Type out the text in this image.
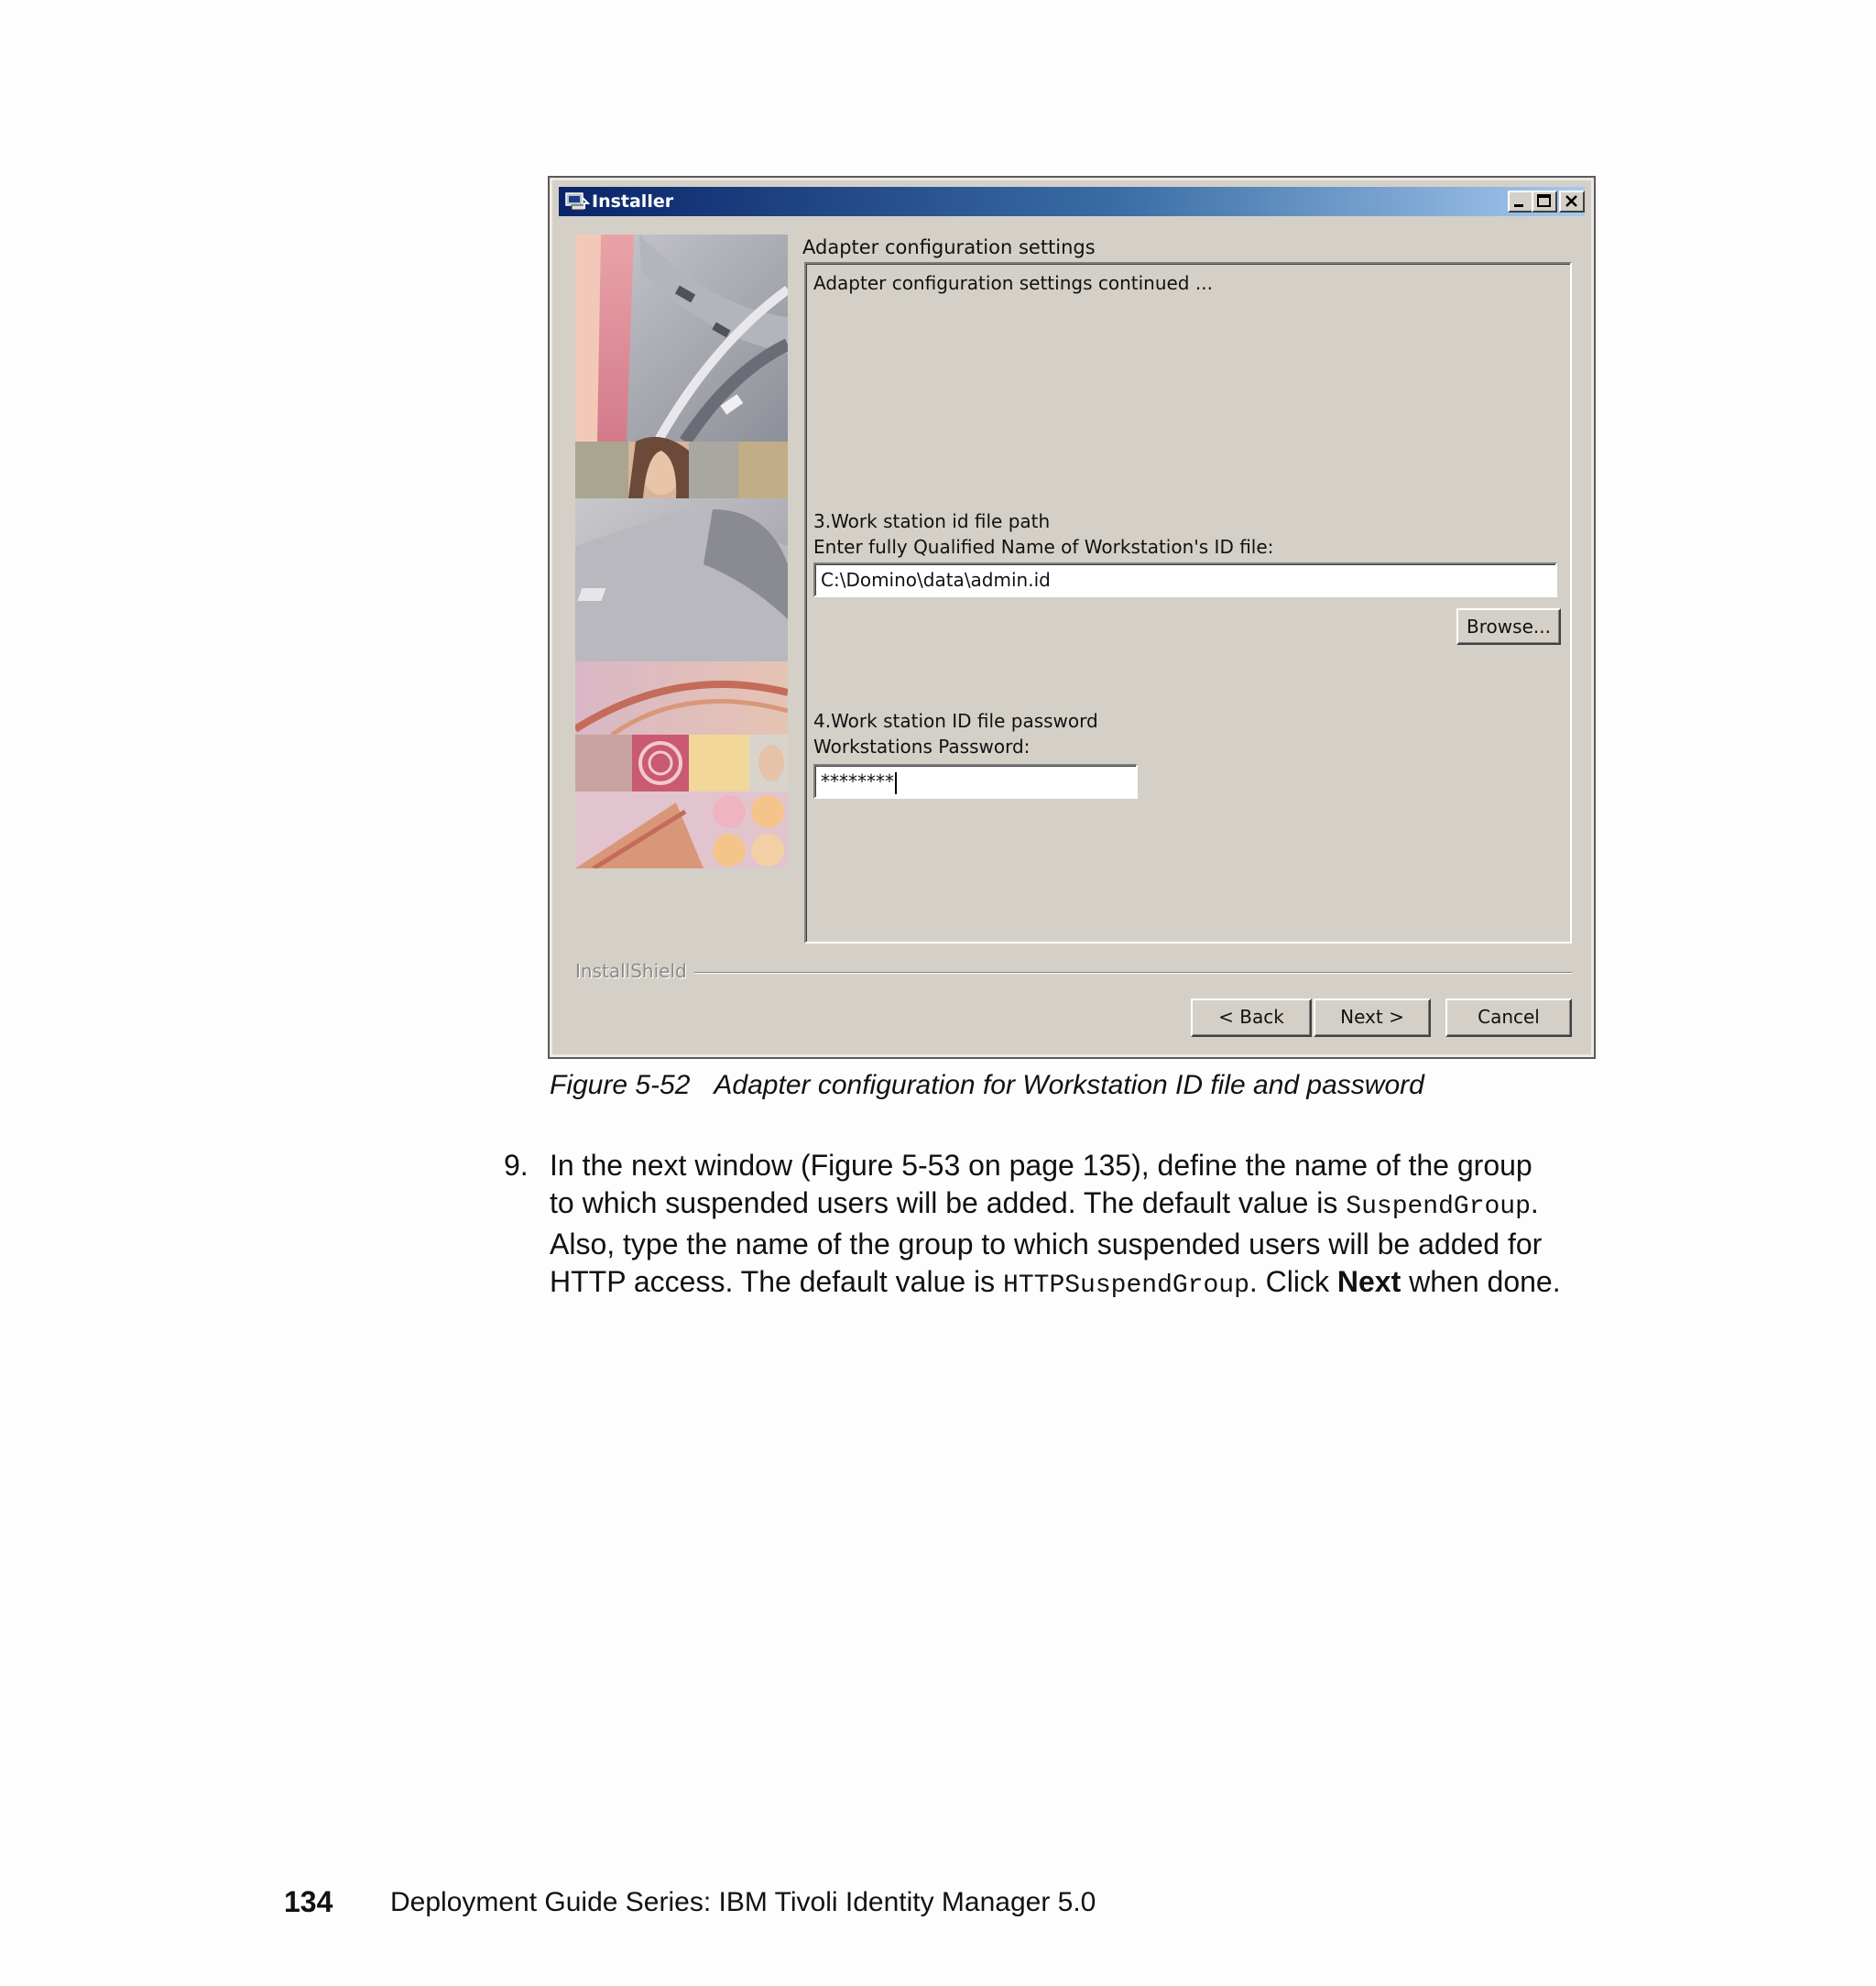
Installer
Adapter configuration settings
Adapter configuration settings continued ...
3.Work station id file path
Enter fully Qualified Name of Workstation's ID file:
C:\Domino\data\admin.id
Browse...
4.Work station ID file password
Workstations Password:
********
InstallShield
< Back	Next >	Cancel
Figure 5-52 Adapter configuration for Workstation ID file and password
9. In the next window (Figure 5-53 on page 135), define the name of the group
to which suspended users will be added. The default value is SuspendGroup.
Also, type the name of the group to which suspended users will be added for
HTTP access. The default value is HTTPSuspendGroup. Click Next when done.
134 Deployment Guide Series: IBM Tivoli Identity Manager 5.0
